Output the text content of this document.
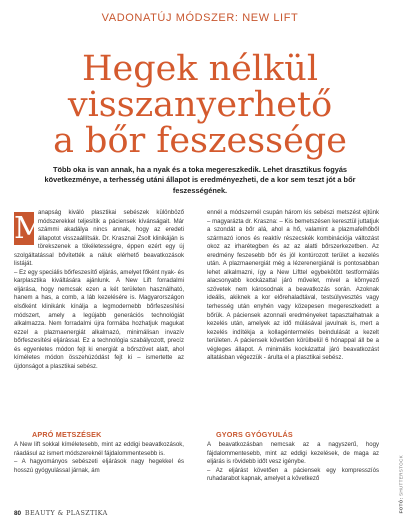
VADONATÚJ MÓDSZER: NEW LIFT
Hegek nélkül
visszanyerhető
a bőr feszessége
Több oka is van annak, ha a nyak és a toka megereszkedik. Lehet drasztikus fogyás következménye, a terhesség utáni állapot is eredményezheti, de a kor sem teszt jót a bőr feszességének.
M

anapság kiváló plasztikai sebészek különböző módszerekkel teljesítik a páciensek kívánságait. Már számmi akadálya nincs annak, hogy az eredeti állapotot visszaállítsák. Dr. Krasznai Zsolt klinikáján is törekszenek a tökéletességre, éppen ezért egy új szolgáltatással bővítették a náluk elérhető beavatkozások listáját.

– Ez egy speciális bőrfeszesítő eljárás, amelyet főként nyak- és karplasztika kiváltására ajánlunk. A New Lift forradalmi eljárása, hogy nemcsak ezen a két területen használható, hanem a has, a comb, a láb kezelésére is. Magyarországon elsőként klinikánk kínálja a legmodernebb bőrfeszesítési módszert, amely a legújabb generációs technológiát alkalmazza. Nem forradalmi újra formába hozhatjuk magukat ezzel a plazmaenergiát alkalmazó, minimálisan invazív bőrfeszesítési eljárással. Ez a technológia szabályozott, precíz és egyenletes módon fejt ki energiát a bőrszövet alatt, ahol kíméletes módon összehúzódást fejt ki – ismertette az újdonságot a plasztikai sebész.

ennél a módszernél csupán három kis sebészi metszést ejtünk – magyarázta dr. Kraszna: – Kis bemetszésen keresztül juttatjuk a szondát a bőr alá, ahol a hő, valamint a plazmafelhőből származó ionos és reaktív részecskék kombinációja változást okoz az irharétegben és az az alatti bőrszerkezetben. Az eredmény feszesebb bőr és jól kontúrozott terület a kezelés után. A plazmaenergiát még a lézerenergiánál is pontosabban lehet alkalmazni, így a New Lifttel egybekötött testformálás alacsonyabb kockázattal járó művelet, mivel a környező szövetek nem károsodnak a beavatkozás során. Azoknak ideális, akiknek a kor előrehaladtával, testsúlyvesztés vagy terhesség után enyhén vagy közepesen megereszkedett a bőrük. A páciensek azonnali eredményeket tapasztalhatnak a kezelés után, amelyek az idő múlásával javulnak is, mert a kezelés indítékja a kollagéntermelés beindulását a kezelt területen. A páciensek követően körülbelül 6 hónappal áll be a végleges állapot. A minimális kockázattal járó beavatkozást altatásban végezzük - árulta el a plasztikai sebész.

APRÓ METSZÉSEK

A New lift sokkal kíméletesebb, mint az eddigi beavatkozások, ráadásul az ismert módszereknél fájdalommentesebb is.

– A hagyományos sebészeti eljárások nagy hegekkel és hosszú gyógyulással járnak, ám

GYORS GYÓGYULÁS

A beavatkozásban nemcsak az a nagyszerű, hogy fájdalommentesebb, mint az eddigi kezelések, de maga az eljárás is rövidebb időt vesz igénybe.

– Az eljárást követően a páciensek egy kompresszíós ruhadarabot kapnak, amelyet a következő

FOTÓ: SHUTTERSTOCK
80 BEAUTY & PLASZTIKA
